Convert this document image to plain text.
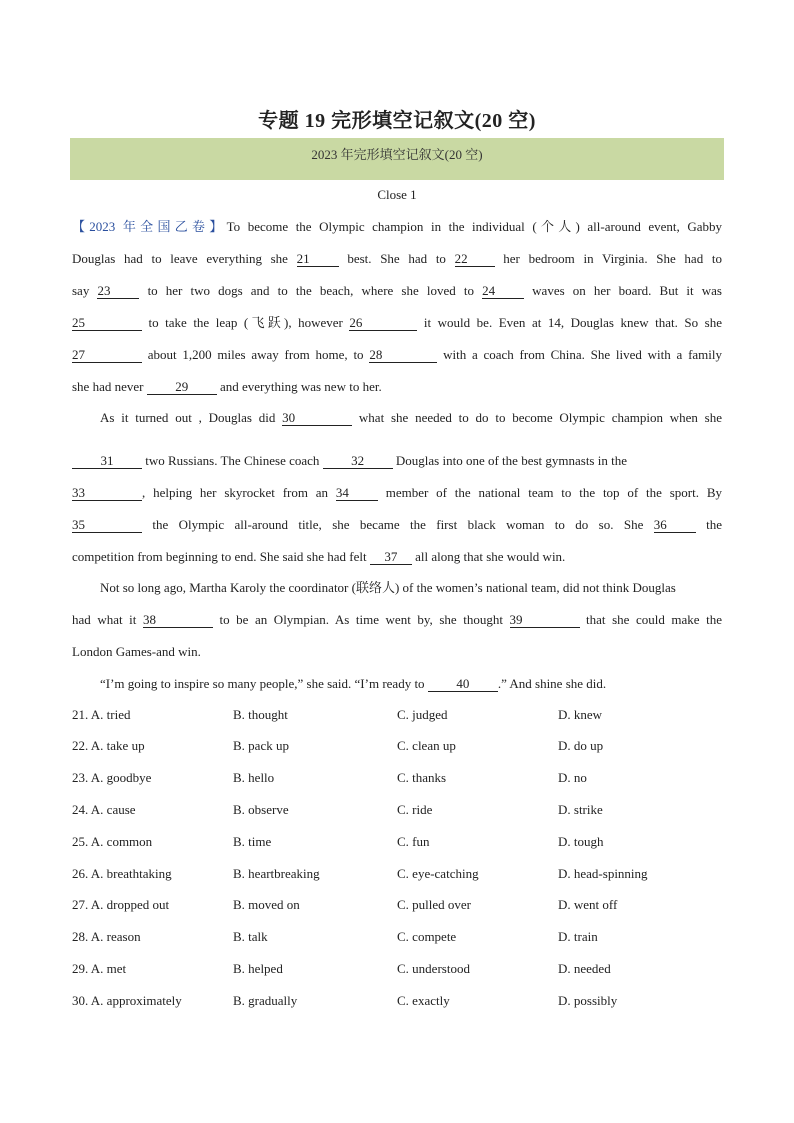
专题 19 完形填空记叙文(20 空)
2023 年完形填空记叙文(20 空)
Close 1
【2023 年全国乙卷】To become the Olympic champion in the individual (个人) all-around event, Gabby
Douglas had to leave everything she 21 best. She had to 22 her bedroom in Virginia. She had to
say 23 to her two dogs and to the beach, where she loved to 24 waves on her board. But it was
25	to take the leap (飞跃), however 26	it would be. Even at 14, Douglas knew that. So she
27	about 1,200 miles away from home, to 28	with a coach from China. She lived with a family
she had never 29 and everything was new to her.
As it turned out , Douglas did 30	what she needed to do to become Olympic champion when she
31 two Russians. The Chinese coach 32 Douglas into one of the best gymnasts in the
33	, helping her skyrocket from an 34 member of the national team to the top of the sport. By
35	the Olympic all-around title, she became the first black woman to do so. She 36 the
competition from beginning to end. She said she had felt 37 all along that she would win.
Not so long ago, Martha Karoly the coordinator (联络人) of the women’s national team, did not think Douglas
had what it 38	to be an Olympian. As time went by, she thought 39	that she could make the
London Games-and win.
“I’m going to inspire so many people,” she said. “I’m ready to 40 .” And shine she did.
21. A. tried	B. thought	C. judged	D. knew
22. A. take up	B. pack up	C. clean up	D. do up
23. A. goodbye	B. hello	C. thanks	D. no
24. A. cause	B. observe	C. ride	D. strike
25. A. common	B. time	C. fun	D. tough
26. A. breathtaking	B. heartbreaking	C. eye-catching	D. head-spinning
27. A. dropped out	B. moved on	C. pulled over	D. went off
28. A. reason	B. talk	C. compete	D. train
29. A. met	B. helped	C. understood	D. needed
30. A. approximately	B. gradually	C. exactly	D. possibly
